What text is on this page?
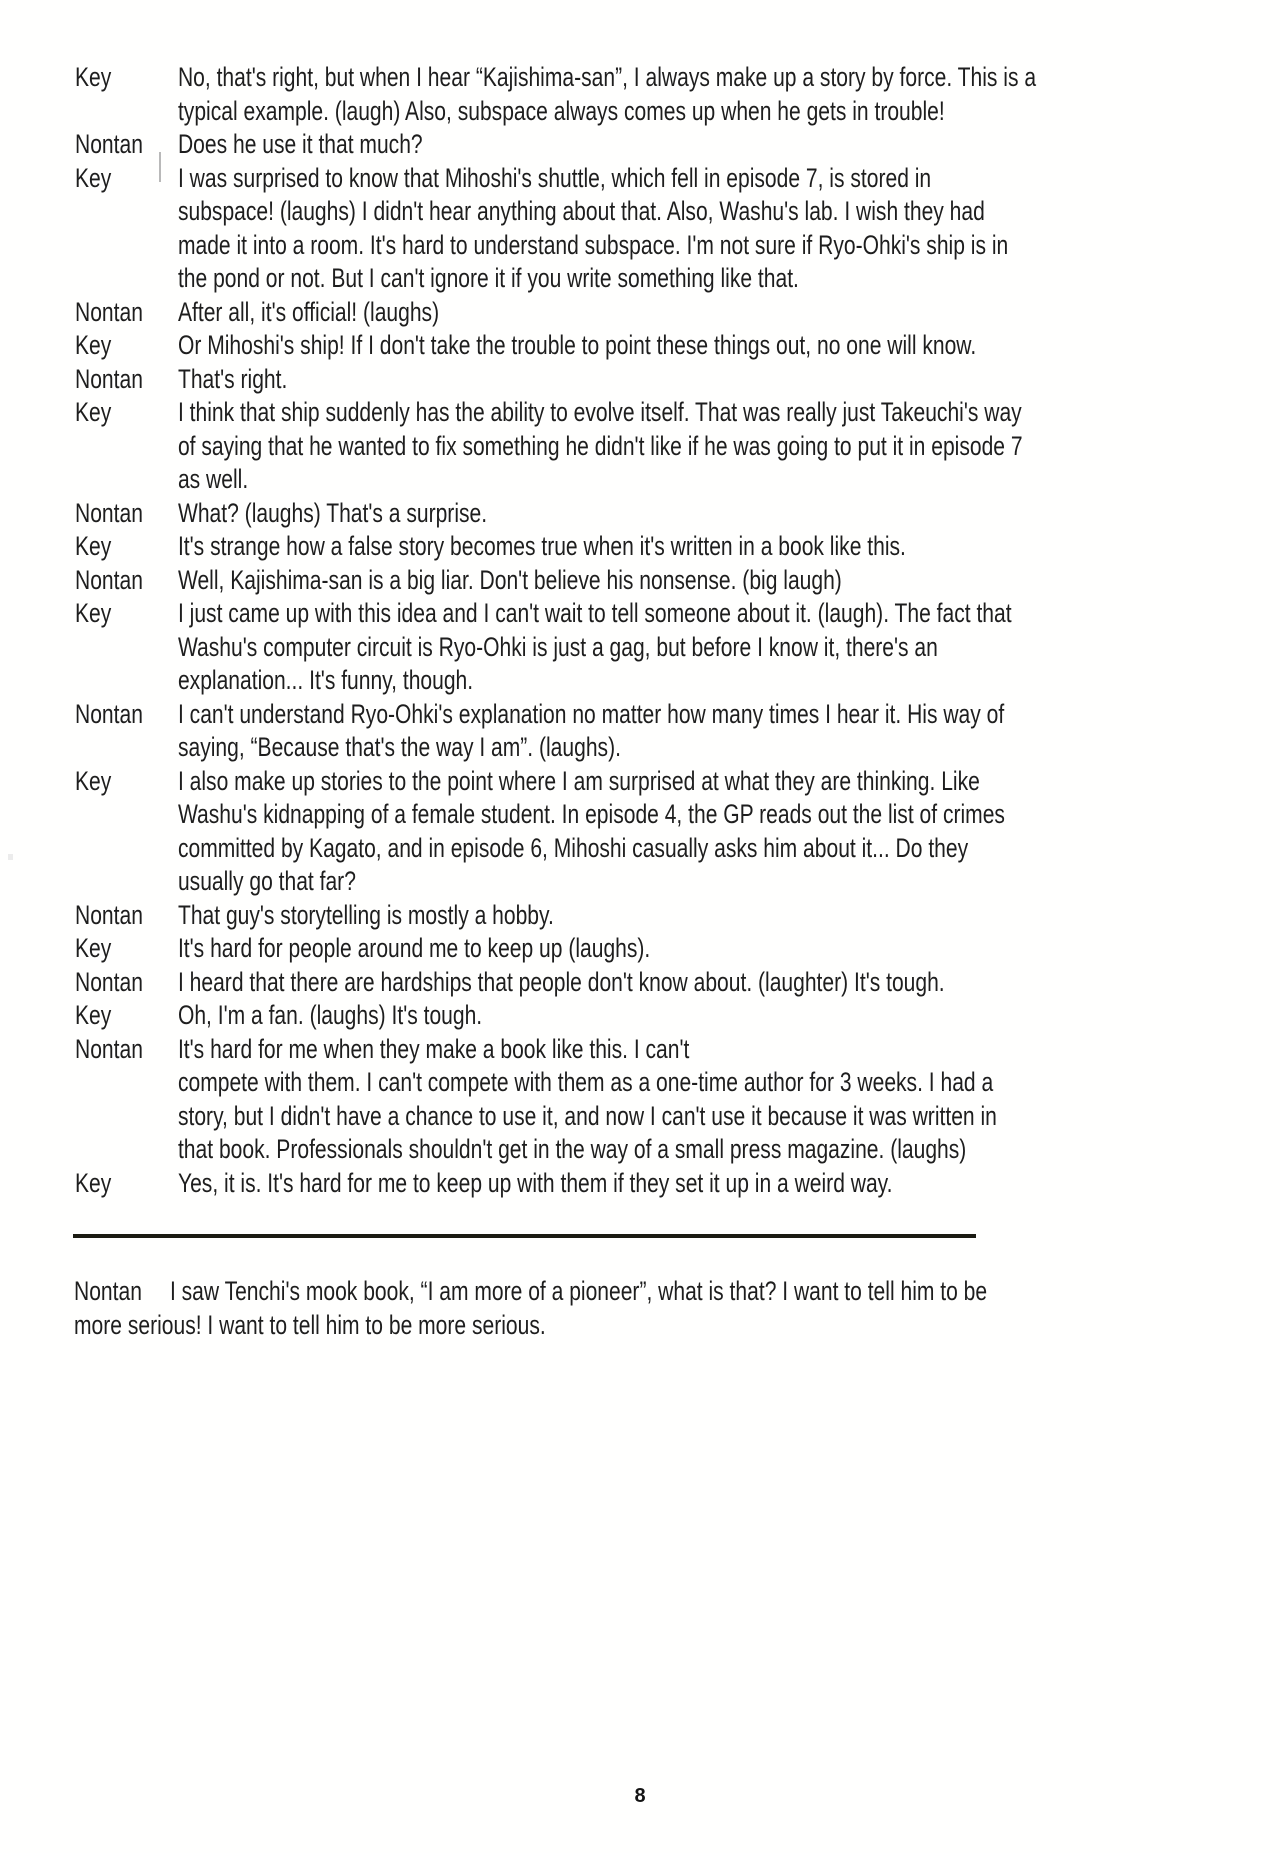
Key	No, that's right, but when I hear “Kajishima-san”, I always make up a story by force. This is a
typical example. (laugh) Also, subspace always comes up when he gets in trouble!
Nontan	Does he use it that much?
Key	I was surprised to know that Mihoshi's shuttle, which fell in episode 7, is stored in
subspace! (laughs) I didn't hear anything about that. Also, Washu's lab. I wish they had
made it into a room. It's hard to understand subspace. I'm not sure if Ryo-Ohki's ship is in
the pond or not. But I can't ignore it if you write something like that.
Nontan	After all, it's official! (laughs)
Key	Or Mihoshi's ship! If I don't take the trouble to point these things out, no one will know.
Nontan	That's right.
Key	I think that ship suddenly has the ability to evolve itself. That was really just Takeuchi's way
of saying that he wanted to fix something he didn't like if he was going to put it in episode 7
as well.
Nontan	What? (laughs) That's a surprise.
Key	It's strange how a false story becomes true when it's written in a book like this.
Nontan	Well, Kajishima-san is a big liar. Don't believe his nonsense. (big laugh)
Key	I just came up with this idea and I can't wait to tell someone about it. (laugh). The fact that
Washu's computer circuit is Ryo-Ohki is just a gag, but before I know it, there's an
explanation... It's funny, though.
Nontan	I can't understand Ryo-Ohki's explanation no matter how many times I hear it. His way of
saying, “Because that's the way I am”. (laughs).
Key	I also make up stories to the point where I am surprised at what they are thinking. Like
Washu's kidnapping of a female student. In episode 4, the GP reads out the list of crimes
committed by Kagato, and in episode 6, Mihoshi casually asks him about it... Do they
usually go that far?
Nontan	That guy's storytelling is mostly a hobby.
Key	It's hard for people around me to keep up (laughs).
Nontan	I heard that there are hardships that people don't know about. (laughter) It's tough.
Key	Oh, I'm a fan. (laughs) It's tough.
Nontan	It's hard for me when they make a book like this. I can't
compete with them. I can't compete with them as a one-time author for 3 weeks. I had a
story, but I didn't have a chance to use it, and now I can't use it because it was written in
that book. Professionals shouldn't get in the way of a small press magazine. (laughs)
Key	Yes, it is. It's hard for me to keep up with them if they set it up in a weird way.
Nontan	I saw Tenchi's mook book, “I am more of a pioneer”, what is that? I want to tell him to be
more serious! I want to tell him to be more serious.
8
